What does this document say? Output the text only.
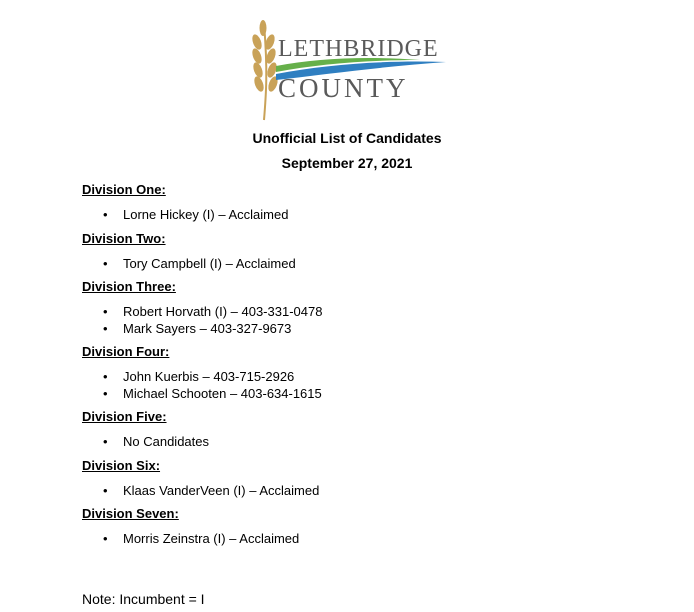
LETHBRIDGE
COUNTY
Unofficial List of Candidates
September 27, 2021
Division One:
• Lorne Hickey (I) – Acclaimed
Division Two:
• Tory Campbell (I) – Acclaimed
Division Three:
• Robert Horvath (I) – 403-331-0478
• Mark Sayers – 403-327-9673
Division Four:
• John Kuerbis – 403-715-2926
• Michael Schooten – 403-634-1615
Division Five:
• No Candidates
Division Six:
• Klaas VanderVeen (I) – Acclaimed
Division Seven:
• Morris Zeinstra (I) – Acclaimed
Note: Incumbent = I
